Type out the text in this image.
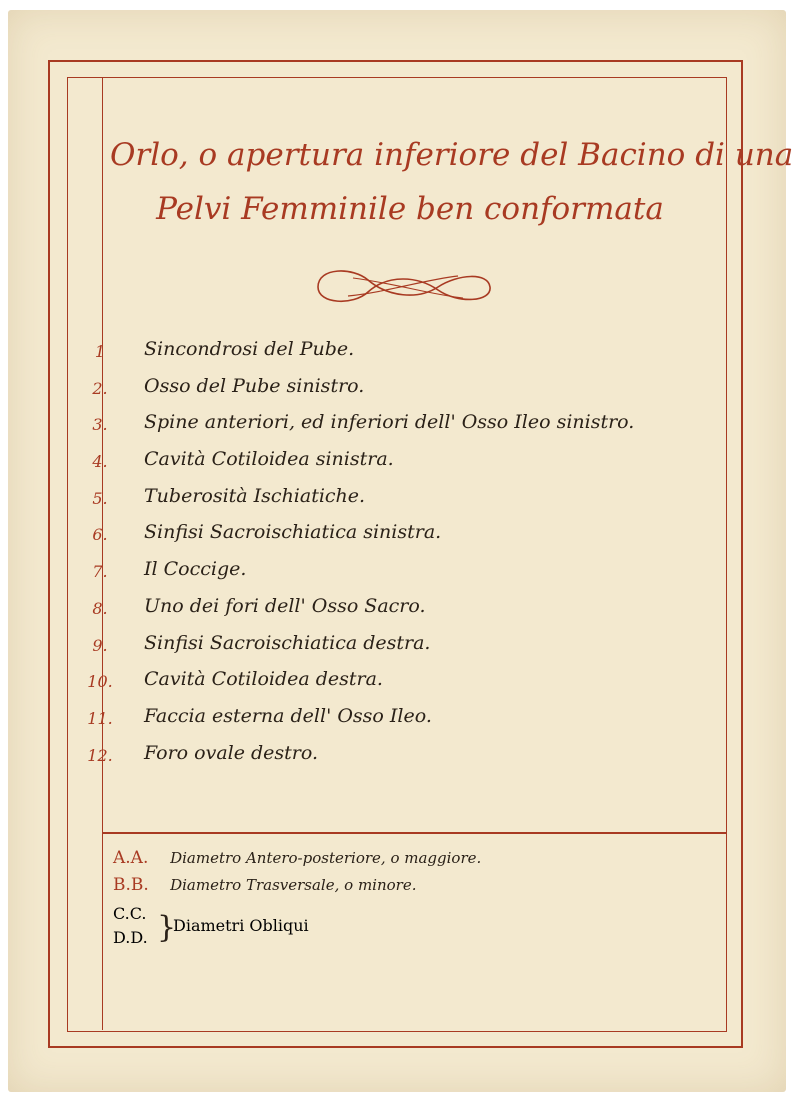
Orlo, o apertura inferiore del Bacino di una
Pelvi Femminile ben conformata
1	Sincondrosi del Pube.
2.	Osso del Pube sinistro.
3.	Spine anteriori, ed inferiori dell' Osso Ileo sinistro.
4.	Cavità Cotiloidea sinistra.
5.	Tuberosità Ischiatiche.
6.	Sinfisi Sacroischiatica sinistra.
7.	Il Coccige.
8.	Uno dei fori dell' Osso Sacro.
9.	Sinfisi Sacroischiatica destra.
10.	Cavità Cotiloidea destra.
11.	Faccia esterna dell' Osso Ileo.
12.	Foro ovale destro.
A.A. Diametro Antero-posteriore, o maggiore.
B.B. Diametro Trasversale, o minore.
C.C.
D.D. }
Diametri Obliqui
